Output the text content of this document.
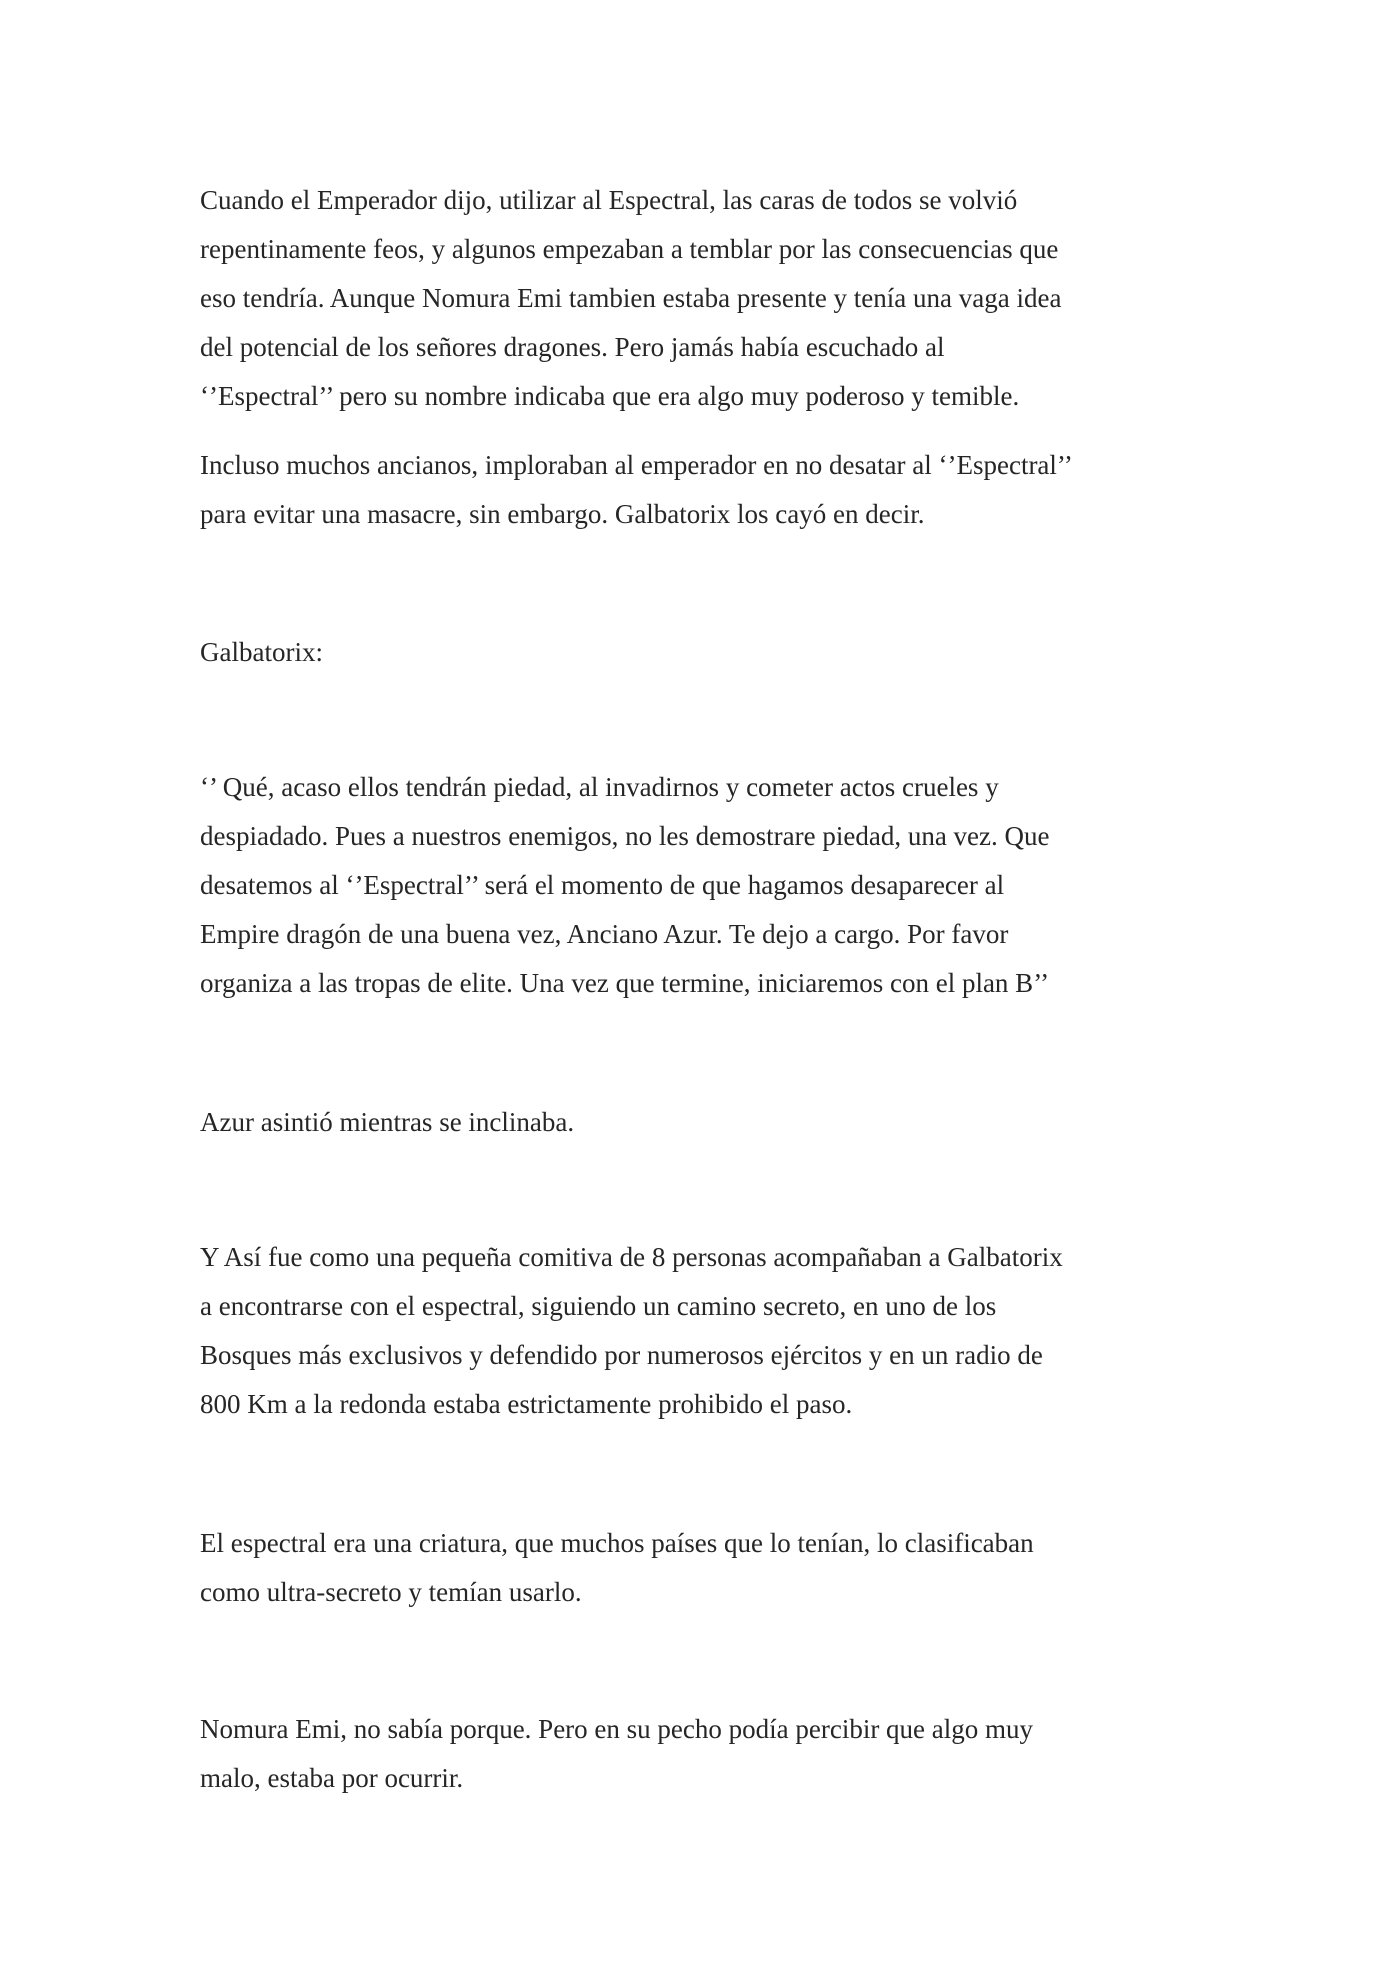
Cuando el Emperador dijo, utilizar al Espectral, las caras de todos se volvió
repentinamente feos, y algunos empezaban a temblar por las consecuencias que
eso tendría. Aunque Nomura Emi tambien estaba presente y tenía una vaga idea
del potencial de los señores dragones. Pero jamás había escuchado al
‘’Espectral’’ pero su nombre indicaba que era algo muy poderoso y temible.

Incluso muchos ancianos, imploraban al emperador en no desatar al ‘’Espectral’’
para evitar una masacre, sin embargo. Galbatorix los cayó en decir.

Galbatorix:

‘’ Qué, acaso ellos tendrán piedad, al invadirnos y cometer actos crueles y
despiadado. Pues a nuestros enemigos, no les demostrare piedad, una vez. Que
desatemos al ‘’Espectral’’ será el momento de que hagamos desaparecer al
Empire dragón de una buena vez, Anciano Azur. Te dejo a cargo. Por favor
organiza a las tropas de elite. Una vez que termine, iniciaremos con el plan B’’

Azur asintió mientras se inclinaba.

Y Así fue como una pequeña comitiva de 8 personas acompañaban a Galbatorix
a encontrarse con el espectral, siguiendo un camino secreto, en uno de los
Bosques más exclusivos y defendido por numerosos ejércitos y en un radio de
800 Km a la redonda estaba estrictamente prohibido el paso.

El espectral era una criatura, que muchos países que lo tenían, lo clasificaban
como ultra-secreto y temían usarlo.

Nomura Emi, no sabía porque. Pero en su pecho podía percibir que algo muy
malo, estaba por ocurrir.
